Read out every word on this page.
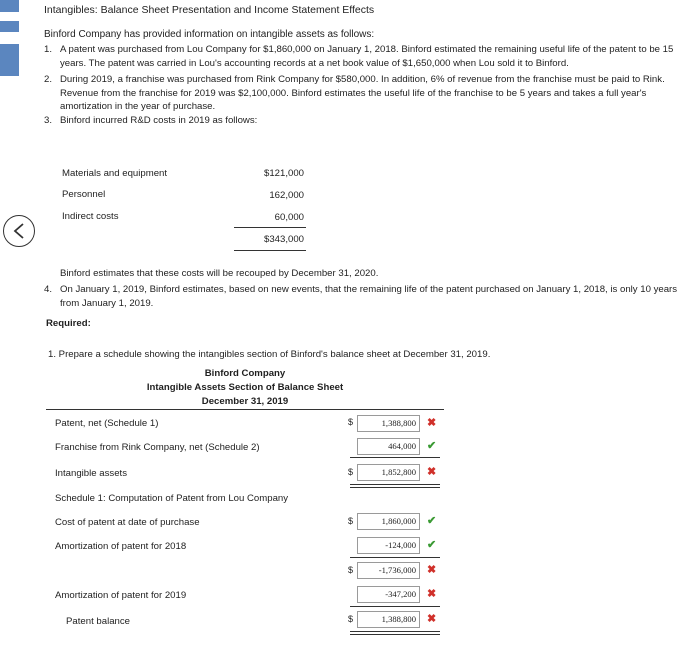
Intangibles: Balance Sheet Presentation and Income Statement Effects
Binford Company has provided information on intangible assets as follows:
1. A patent was purchased from Lou Company for $1,860,000 on January 1, 2018. Binford estimated the remaining useful life of the patent to be 15 years. The patent was carried in Lou's accounting records at a net book value of $1,650,000 when Lou sold it to Binford.
2. During 2019, a franchise was purchased from Rink Company for $580,000. In addition, 6% of revenue from the franchise must be paid to Rink. Revenue from the franchise for 2019 was $2,100,000. Binford estimates the useful life of the franchise to be 5 years and takes a full year's amortization in the year of purchase.
3. Binford incurred R&D costs in 2019 as follows:
Materials and equipment	$121,000
Personnel	162,000
Indirect costs	60,000
$343,000
Binford estimates that these costs will be recouped by December 31, 2020.
4. On January 1, 2019, Binford estimates, based on new events, that the remaining life of the patent purchased on January 1, 2018, is only 10 years from January 1, 2019.
Required:
1. Prepare a schedule showing the intangibles section of Binford's balance sheet at December 31, 2019.
Binford Company
Intangible Assets Section of Balance Sheet
December 31, 2019
Patent, net (Schedule 1)	$	1,388,800	✖
Franchise from Rink Company, net (Schedule 2)	464,000	✔
Intangible assets	$	1,852,800	✖
Schedule 1: Computation of Patent from Lou Company
Cost of patent at date of purchase	$	1,860,000	✔
Amortization of patent for 2018	-124,000	✔
$	-1,736,000	✖
Amortization of patent for 2019	-347,200	✖
Patent balance	$	1,388,800	✖
